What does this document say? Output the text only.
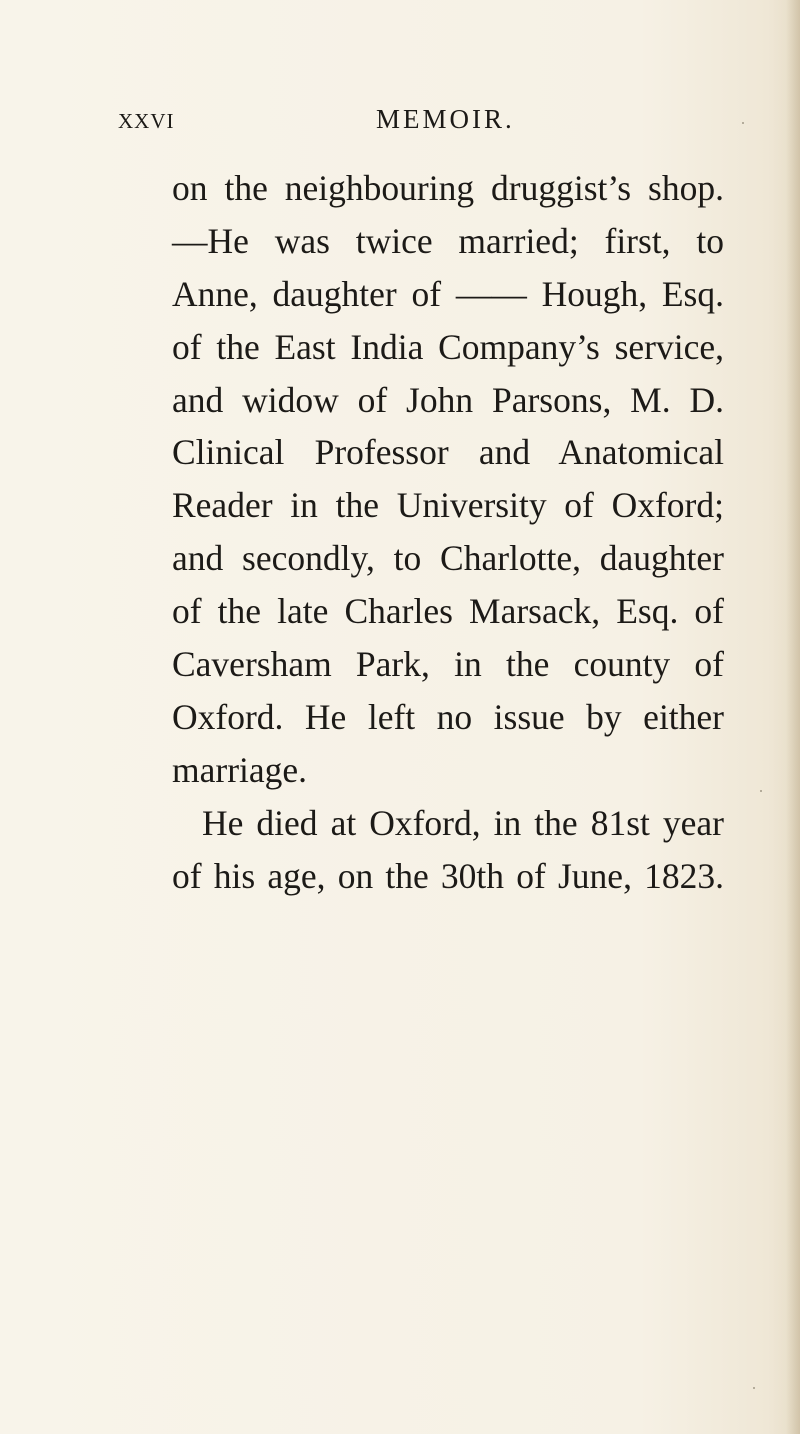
xxvi	MEMOIR.
on the neighbouring druggist’s shop.
—He was twice married; first, to
Anne, daughter of —— Hough, Esq.
of the East India Company’s service,
and widow of John Parsons, M. D.
Clinical Professor and Anatomical
Reader in the University of Oxford;
and secondly, to Charlotte, daughter
of the late Charles Marsack, Esq. of
Caversham Park, in the county of
Oxford. He left no issue by either
marriage.
He died at Oxford, in the 81st year
of his age, on the 30th of June, 1823.
